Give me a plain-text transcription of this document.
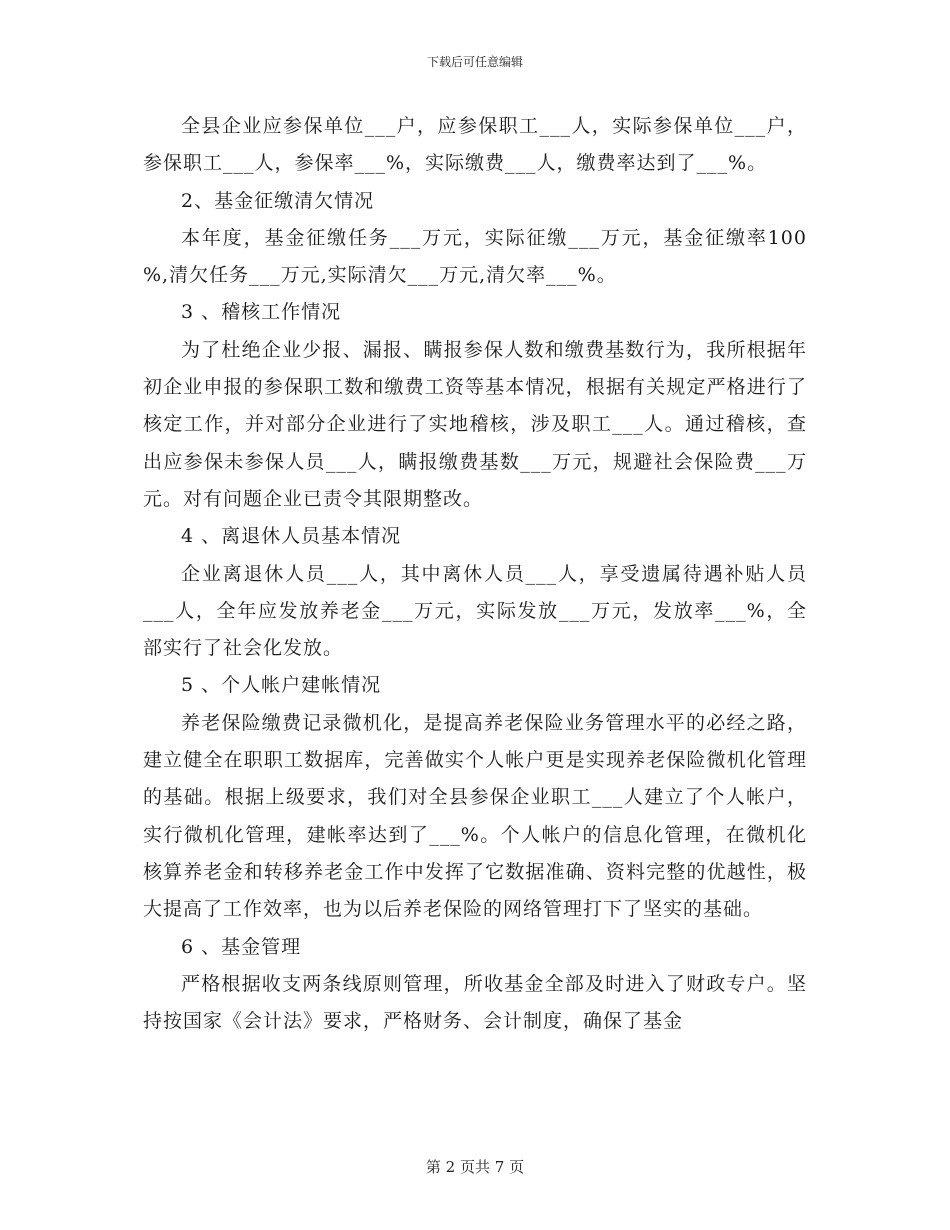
下载后可任意编辑

全县企业应参保单位___户，应参保职工___人，实际参保单位___户，参保职工___人，参保率___%，实际缴费___人，缴费率达到了___%。

2、基金征缴清欠情况

本年度，基金征缴任务___万元，实际征缴___万元，基金征缴率100 %,清欠任务___万元,实际清欠___万元,清欠率___%。

3 、稽核工作情况

为了杜绝企业少报、漏报、瞒报参保人数和缴费基数行为，我所根据年初企业申报的参保职工数和缴费工资等基本情况，根据有关规定严格进行了核定工作，并对部分企业进行了实地稽核，涉及职工___人。通过稽核，查出应参保未参保人员___人，瞒报缴费基数___万元，规避社会保险费___万元。对有问题企业已责令其限期整改。

4 、离退休人员基本情况

企业离退休人员___人，其中离休人员___人，享受遗属待遇补贴人员___人，全年应发放养老金___万元，实际发放___万元，发放率___%，全部实行了社会化发放。

5 、个人帐户建帐情况

养老保险缴费记录微机化，是提高养老保险业务管理水平的必经之路，建立健全在职职工数据库，完善做实个人帐户更是实现养老保险微机化管理的基础。根据上级要求，我们对全县参保企业职工___人建立了个人帐户，实行微机化管理，建帐率达到了___%。个人帐户的信息化管理，在微机化核算养老金和转移养老金工作中发挥了它数据准确、资料完整的优越性，极大提高了工作效率，也为以后养老保险的网络管理打下了坚实的基础。

6 、基金管理

严格根据收支两条线原则管理，所收基金全部及时进入了财政专户。坚持按国家《会计法》要求，严格财务、会计制度，确保了基金

第 2 页共 7 页
